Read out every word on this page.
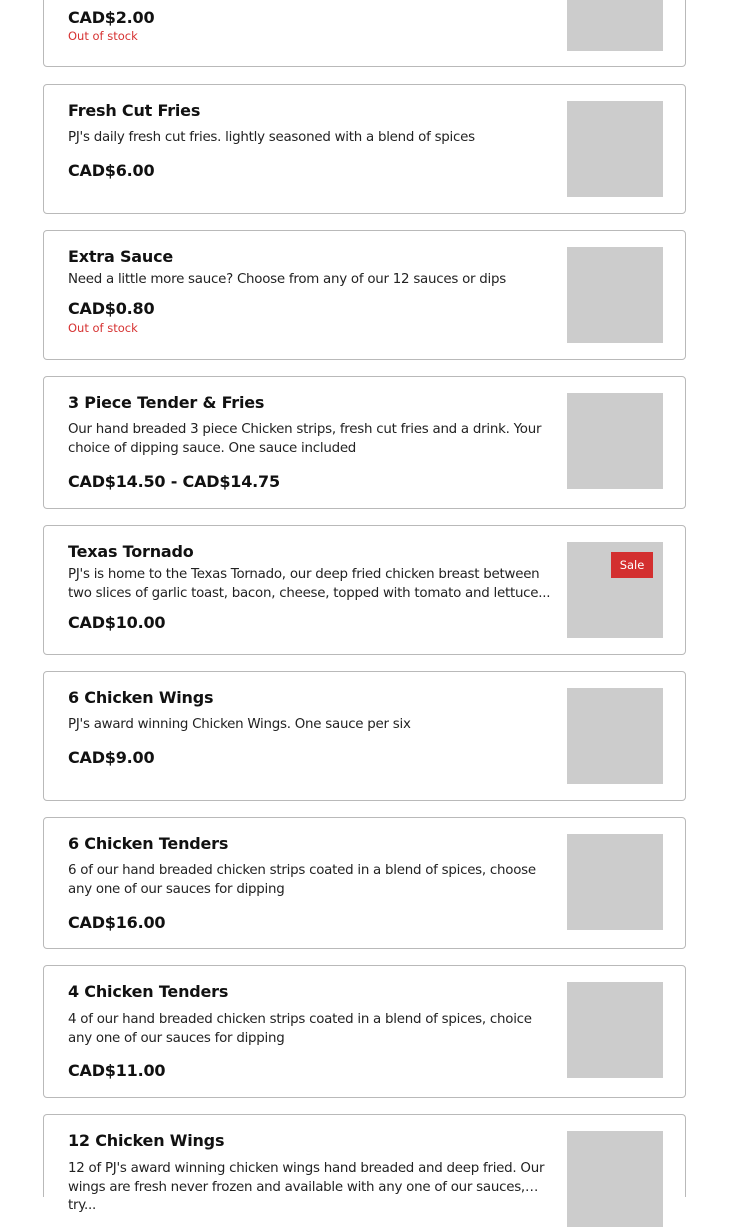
CAD$2.00
Out of stock
Fresh Cut Fries
PJ's daily fresh cut fries. lightly seasoned with a blend of spices
CAD$6.00
Extra Sauce
Need a little more sauce? Choose from any of our 12 sauces or dips
CAD$0.80
Out of stock
3 Piece Tender & Fries
Our hand breaded 3 piece Chicken strips, fresh cut fries and a drink. Your choice of dipping sauce. One sauce included
CAD$14.50 - CAD$14.75
Texas Tornado
PJ's is home to the Texas Tornado, our deep fried chicken breast between two slices of garlic toast, bacon, cheese, topped with tomato and lettuce...
CAD$10.00
Sale
6 Chicken Wings
PJ's award winning Chicken Wings. One sauce per six
CAD$9.00
6 Chicken Tenders
6 of our hand breaded chicken strips coated in a blend of spices, choose any one of our sauces for dipping
CAD$16.00
4 Chicken Tenders
4 of our hand breaded chicken strips coated in a blend of spices, choice any one of our sauces for dipping
CAD$11.00
12 Chicken Wings
12 of PJ's award winning chicken wings hand breaded and deep fried. Our wings are fresh never frozen and available with any one of our sauces, try...
